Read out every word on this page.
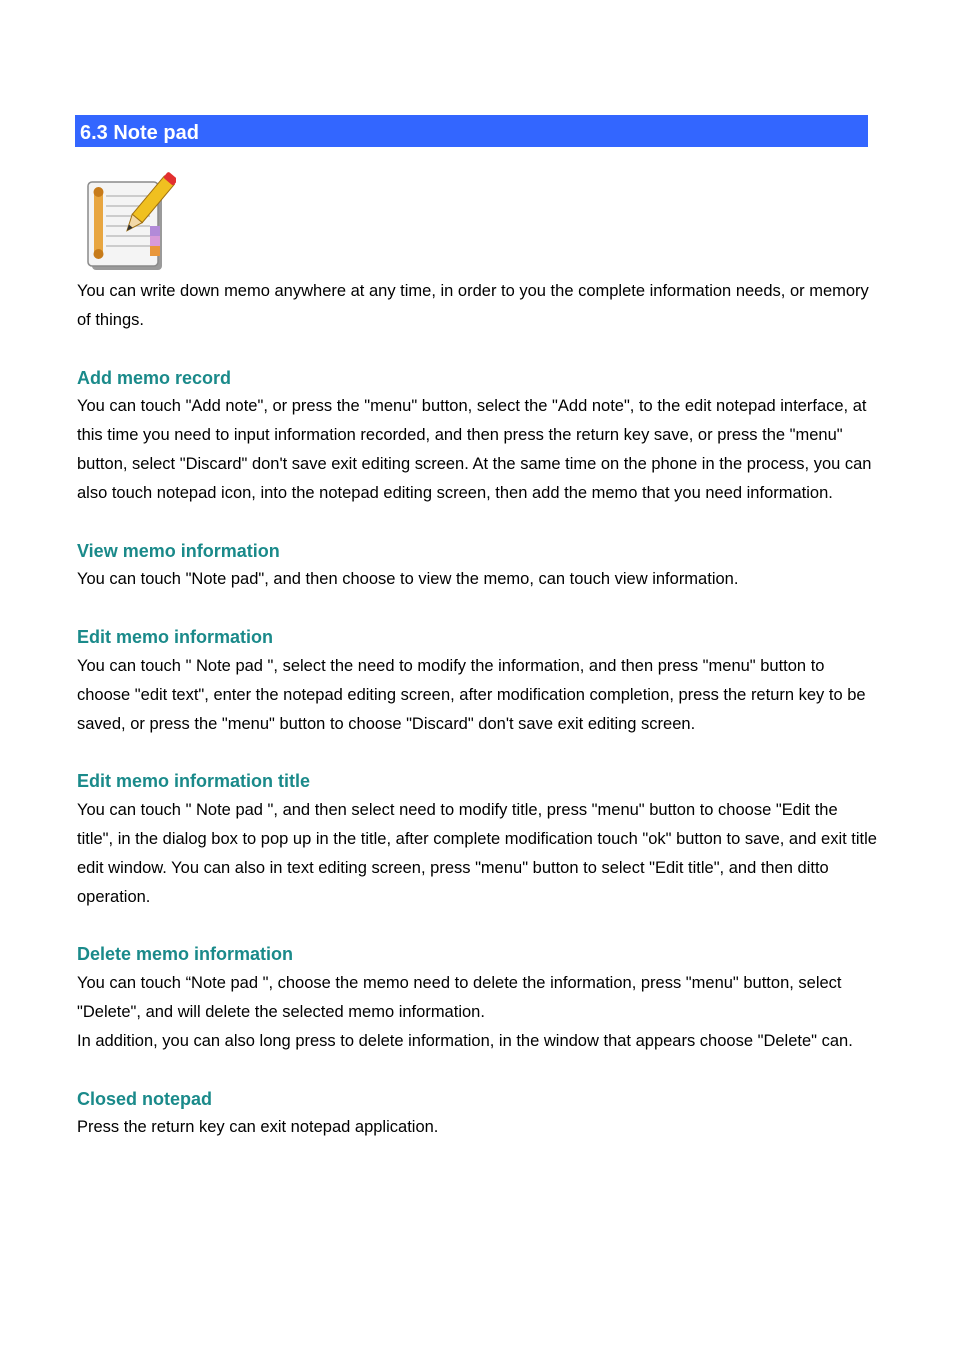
6.3 Note pad

You can write down memo anywhere at any time, in order to you the complete information needs, or memory of things.

Add memo record

You can touch "Add note", or press the "menu" button, select the "Add note", to the edit notepad interface, at this time you need to input information recorded, and then press the return key save, or press the "menu" button, select "Discard" don't save exit editing screen. At the same time on the phone in the process, you can also touch notepad icon, into the notepad editing screen, then add the memo that you need information.

View memo information

You can touch "Note pad", and then choose to view the memo, can touch view information.

Edit memo information

You can touch " Note pad ", select the need to modify the information, and then press "menu" button to choose "edit text", enter the notepad editing screen, after modification completion, press the return key to be saved, or press the "menu" button to choose "Discard" don't save exit editing screen.

Edit memo information title

You can touch " Note pad ", and then select need to modify title, press "menu" button to choose "Edit the title", in the dialog box to pop up in the title, after complete modification touch "ok" button to save, and exit title edit window. You can also in text editing screen, press "menu" button to select "Edit title", and then ditto operation.

Delete memo information

You can touch “Note pad ", choose the memo need to delete the information, press "menu" button, select "Delete", and will delete the selected memo information.

In addition, you can also long press to delete information, in the window that appears choose "Delete" can.

Closed notepad

Press the return key can exit notepad application.
